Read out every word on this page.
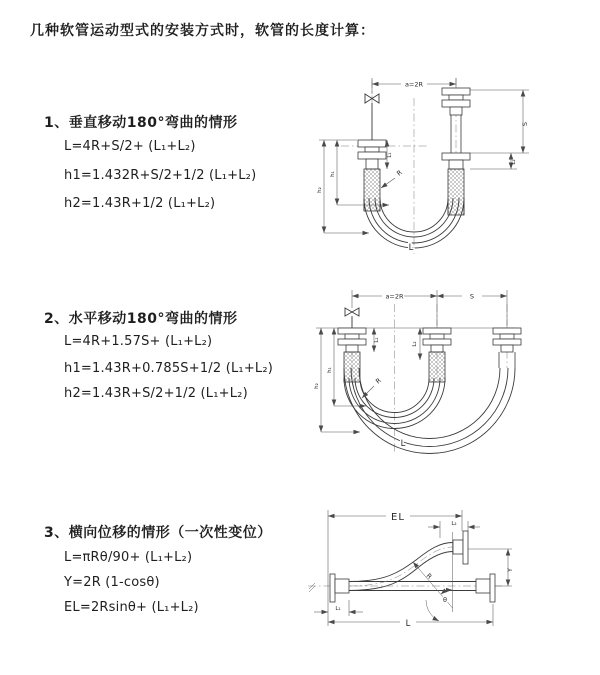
几种软管运动型式的安装方式时，软管的长度计算：
1、垂直移动180°弯曲的情形
L=4R+S/2+ (L₁+L₂)
h1=1.432R+S/2+1/2 (L₁+L₂)
h2=1.43R+1/2 (L₁+L₂)
2、水平移动180°弯曲的情形
L=4R+1.57S+ (L₁+L₂)
h1=1.43R+0.785S+1/2 (L₁+L₂)
h2=1.43R+S/2+1/2 (L₁+L₂)
3、横向位移的情形（一次性变位）
L=πRθ/90+ (L₁+L₂)
Y=2R (1-cosθ)
EL=2Rsinθ+ (L₁+L₂)
a=2R
L₁
S
L₂
h₁
h₂
R
L
a=2R	S
L₁
L₂
h₁
h₂
R
L
EL
L₂
Y
R
θ
L
L₁
